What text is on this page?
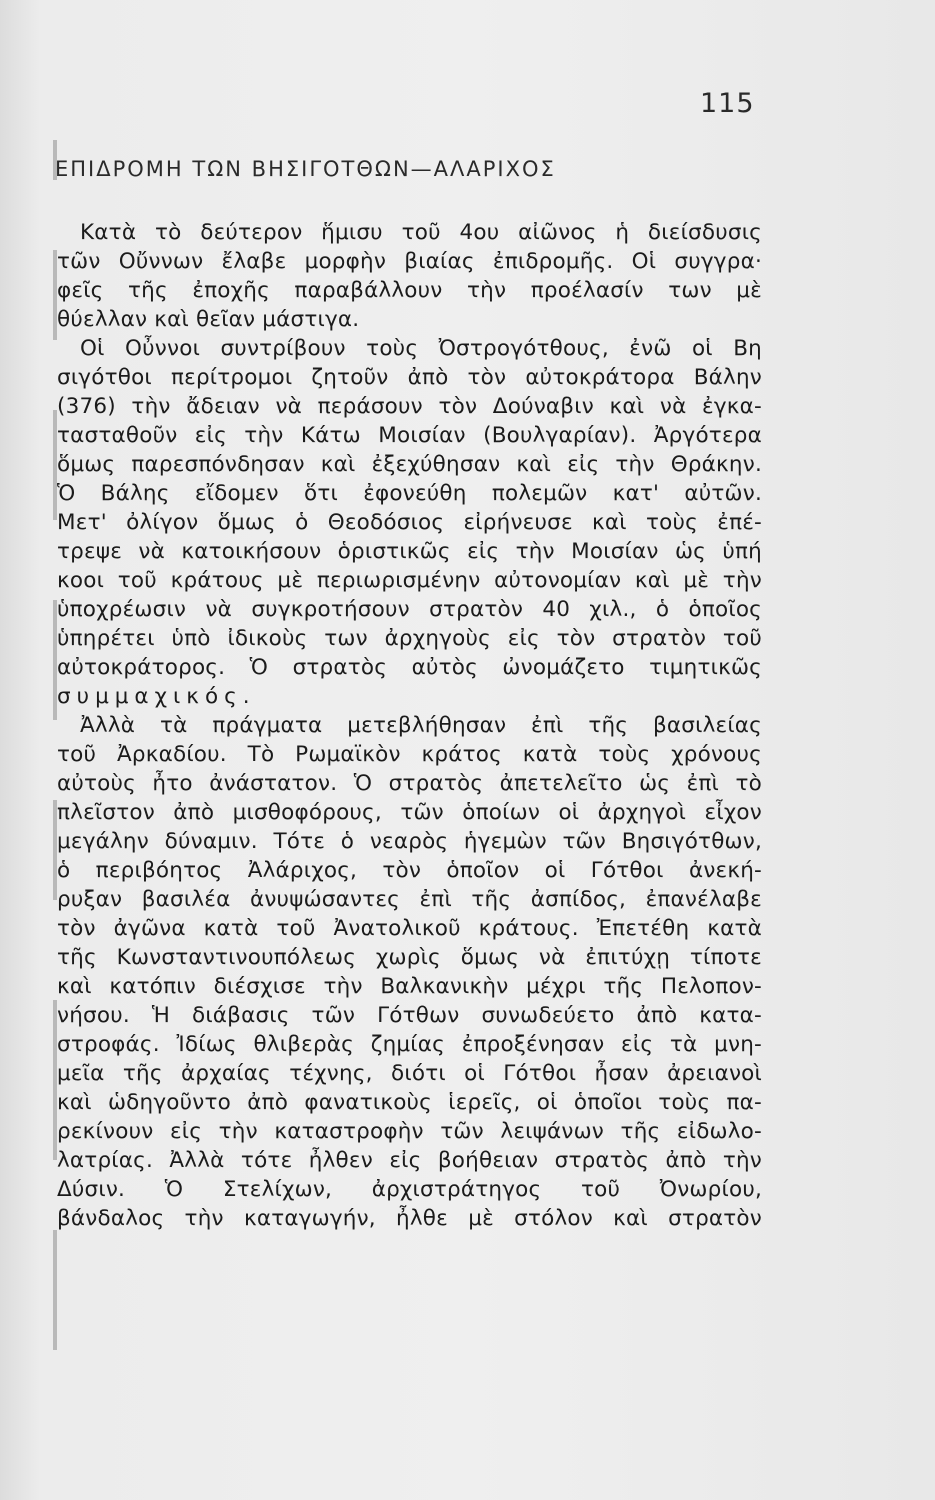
115
ΕΠΙΔΡΟΜΗ ΤΩΝ ΒΗΣΙΓΟΤΘΩΝ—ΑΛΑΡΙΧΟΣ
Κατὰ τὸ δεύτερον ἥμισυ τοῦ 4ου αἰῶνος ἡ διείσδυσις
τῶν Οὔννων ἔλαβε μορφὴν βιαίας ἐπιδρομῆς. Οἱ συγγρα·
φεῖς τῆς ἐποχῆς παραβάλλουν τὴν προέλασίν των μὲ
θύελλαν καὶ θεῖαν μάστιγα.
Οἱ Οὖννοι συντρίβουν τοὺς Ὀστρογότθους, ἐνῶ οἱ Βη
σιγότθοι περίτρομοι ζητοῦν ἀπὸ τὸν αὐτοκράτορα Βάλην
(376) τὴν ἄδειαν νὰ περάσουν τὸν Δούναβιν καὶ νὰ ἐγκα-
τασταθοῦν εἰς τὴν Κάτω Μοισίαν (Βουλγαρίαν). Ἀργότερα
ὅμως παρεσπόνδησαν καὶ ἐξεχύθησαν καὶ εἰς τὴν Θράκην.
Ὁ Βάλης εἴδομεν ὅτι ἐφονεύθη πολεμῶν κατ' αὐτῶν.
Μετ' ὀλίγον ὅμως ὁ Θεοδόσιος εἰρήνευσε καὶ τοὺς ἐπέ-
τρεψε νὰ κατοικήσουν ὁριστικῶς εἰς τὴν Μοισίαν ὡς ὑπή
κοοι τοῦ κράτους μὲ περιωρισμένην αὐτονομίαν καὶ μὲ τὴν
ὑποχρέωσιν νὰ συγκροτήσουν στρατὸν 40 χιλ., ὁ ὁποῖος
ὑπηρέτει ὑπὸ ἰδικοὺς των ἀρχηγοὺς εἰς τὸν στρατὸν τοῦ
αὐτοκράτορος. Ὁ στρατὸς αὐτὸς ὠνομάζετο τιμητικῶς
συμμαχικός.
Ἀλλὰ τὰ πράγματα μετεβλήθησαν ἐπὶ τῆς βασιλείας
τοῦ Ἀρκαδίου. Τὸ Ρωμαϊκὸν κράτος κατὰ τοὺς χρόνους
αὐτοὺς ἦτο ἀνάστατον. Ὁ στρατὸς ἀπετελεῖτο ὡς ἐπὶ τὸ
πλεῖστον ἀπὸ μισθοφόρους, τῶν ὁποίων οἱ ἀρχηγοὶ εἶχον
μεγάλην δύναμιν. Τότε ὁ νεαρὸς ἡγεμὼν τῶν Βησιγότθων,
ὁ περιβόητος Ἀλάριχος, τὸν ὁποῖον οἱ Γότθοι ἀνεκή-
ρυξαν βασιλέα ἀνυψώσαντες ἐπὶ τῆς ἀσπίδος, ἐπανέλαβε
τὸν ἀγῶνα κατὰ τοῦ Ἀνατολικοῦ κράτους. Ἐπετέθη κατὰ
τῆς Κωνσταντινουπόλεως χωρὶς ὅμως νὰ ἐπιτύχῃ τίποτε
καὶ κατόπιν διέσχισε τὴν Βαλκανικὴν μέχρι τῆς Πελοπον-
νήσου. Ἡ διάβασις τῶν Γότθων συνωδεύετο ἀπὸ κατα-
στροφάς. Ἰδίως θλιβερὰς ζημίας ἐπροξένησαν εἰς τὰ μνη-
μεῖα τῆς ἀρχαίας τέχνης, διότι οἱ Γότθοι ἦσαν ἀρειανοὶ
καὶ ὡδηγοῦντο ἀπὸ φανατικοὺς ἱερεῖς, οἱ ὁποῖοι τοὺς πα-
ρεκίνουν εἰς τὴν καταστροφὴν τῶν λειψάνων τῆς εἰδωλο-
λατρίας. Ἀλλὰ τότε ἦλθεν εἰς βοήθειαν στρατὸς ἀπὸ τὴν
Δύσιν. Ὁ Στελίχων, ἀρχιστράτηγος τοῦ Ὀνωρίου,
βάνδαλος τὴν καταγωγήν, ἦλθε μὲ στόλον καὶ στρατὸν
